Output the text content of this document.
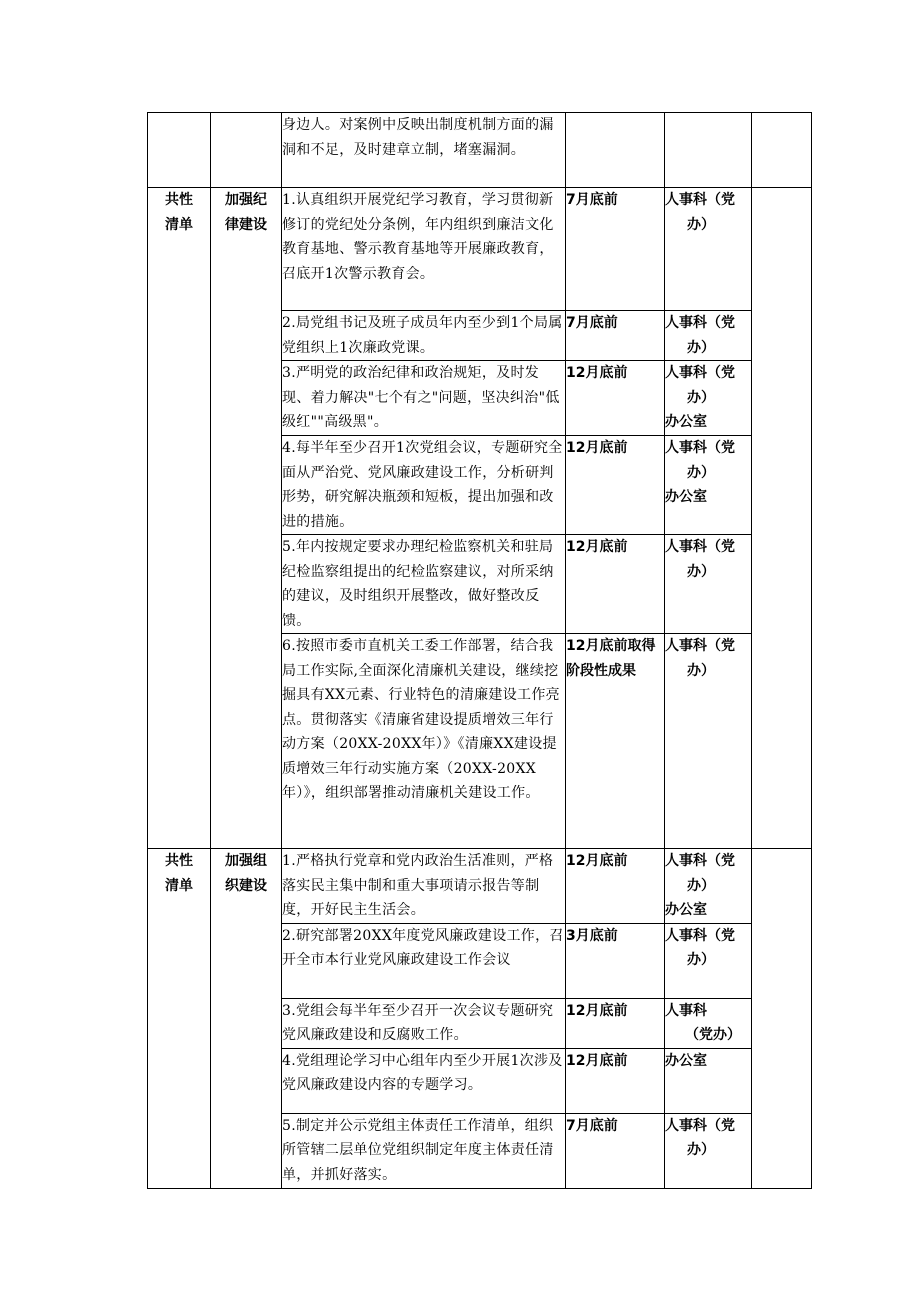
		身边人。对案例中反映出制度机制方面的漏洞和不足，及时建章立制，堵塞漏洞。			

共性
清单	加强纪
律建设	1.认真组织开展党纪学习教育，学习贯彻新修订的党纪处分条例，年内组织到廉洁文化教育基地、警示教育基地等开展廉政教育，召底开1次警示教育会。	7月底前	人事科（党
办）	

		2.局党组书记及班子成员年内至少到1个局属党组织上1次廉政党课。	7月底前	人事科（党
办）	

		3.严明党的政治纪律和政治规矩，及时发现、着力解决"七个有之"问题，坚决纠治"低级红""高级黑"。	12月底前	人事科（党
办）
办公室	

		4.每半年至少召开1次党组会议，专题研究全面从严治党、党风廉政建设工作，分析研判形势，研究解决瓶颈和短板，提出加强和改进的措施。	12月底前	人事科（党
办）
办公室	

		5.年内按规定要求办理纪检监察机关和驻局纪检监察组提出的纪检监察建议，对所采纳的建议，及时组织开展整改，做好整改反馈。	12月底前	人事科（党
办）	

		6.按照市委市直机关工委工作部署，结合我局工作实际,全面深化清廉机关建设，继续挖掘具有XX元素、行业特色的清廉建设工作亮点。贯彻落实《清廉省建设提质增效三年行动方案（20XX-20XX年）》《清廉XX建设提质增效三年行动实施方案（20XX-20XX年）》，组织部署推动清廉机关建设工作。	12月底前取得阶段性成果	人事科（党
办）	

共性
清单	加强组
织建设	1.严格执行党章和党内政治生活准则，严格落实民主集中制和重大事项请示报告等制度，开好民主生活会。	12月底前	人事科（党
办）
办公室	

		2.研究部署20XX年度党风廉政建设工作，召开全市本行业党风廉政建设工作会议	3月底前	人事科（党
办）	

		3.党组会每半年至少召开一次会议专题研究党风廉政建设和反腐败工作。	12月底前	人事科
（党办）	

		4.党组理论学习中心组年内至少开展1次涉及党风廉政建设内容的专题学习。	12月底前	办公室	

		5.制定并公示党组主体责任工作清单，组织所管辖二层单位党组织制定年度主体责任清单，并抓好落实。	7月底前	人事科（党
办）	
